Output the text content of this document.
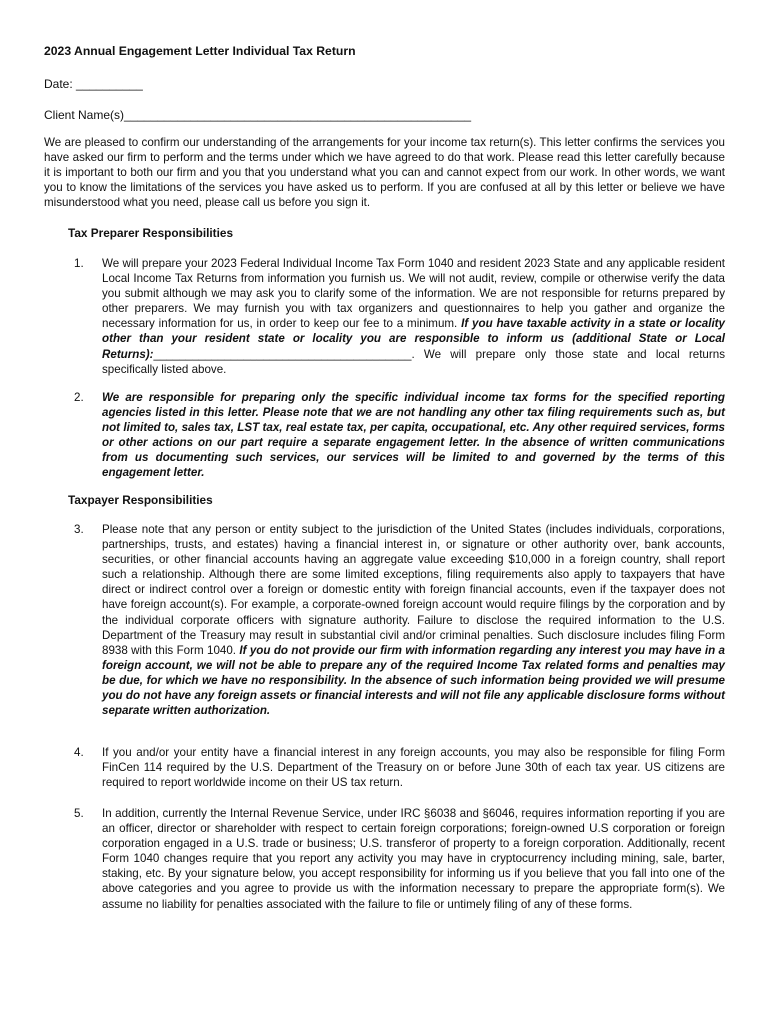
2023 Annual Engagement Letter Individual Tax Return
Date: __________
Client Name(s)____________________________________________________
We are pleased to confirm our understanding of the arrangements for your income tax return(s). This letter confirms the services you have asked our firm to perform and the terms under which we have agreed to do that work. Please read this letter carefully because it is important to both our firm and you that you understand what you can and cannot expect from our work. In other words, we want you to know the limitations of the services you have asked us to perform. If you are confused at all by this letter or believe we have misunderstood what you need, please call us before you sign it.
Tax Preparer Responsibilities
1.	We will prepare your 2023 Federal Individual Income Tax Form 1040 and resident 2023 State and any applicable resident Local Income Tax Returns from information you furnish us. We will not audit, review, compile or otherwise verify the data you submit although we may ask you to clarify some of the information. We are not responsible for returns prepared by other preparers. We may furnish you with tax organizers and questionnaires to help you gather and organize the necessary information for us, in order to keep our fee to a minimum. If you have taxable activity in a state or locality other than your resident state or locality you are responsible to inform us (additional State or Local Returns):________________________________________. We will prepare only those state and local returns specifically listed above.
2.	We are responsible for preparing only the specific individual income tax forms for the specified reporting agencies listed in this letter. Please note that we are not handling any other tax filing requirements such as, but not limited to, sales tax, LST tax, real estate tax, per capita, occupational, etc. Any other required services, forms or other actions on our part require a separate engagement letter. In the absence of written communications from us documenting such services, our services will be limited to and governed by the terms of this engagement letter.
Taxpayer Responsibilities
3.	Please note that any person or entity subject to the jurisdiction of the United States (includes individuals, corporations, partnerships, trusts, and estates) having a financial interest in, or signature or other authority over, bank accounts, securities, or other financial accounts having an aggregate value exceeding $10,000 in a foreign country, shall report such a relationship. Although there are some limited exceptions, filing requirements also apply to taxpayers that have direct or indirect control over a foreign or domestic entity with foreign financial accounts, even if the taxpayer does not have foreign account(s). For example, a corporate-owned foreign account would require filings by the corporation and by the individual corporate officers with signature authority. Failure to disclose the required information to the U.S. Department of the Treasury may result in substantial civil and/or criminal penalties. Such disclosure includes filing Form 8938 with this Form 1040. If you do not provide our firm with information regarding any interest you may have in a foreign account, we will not be able to prepare any of the required Income Tax related forms and penalties may be due, for which we have no responsibility. In the absence of such information being provided we will presume you do not have any foreign assets or financial interests and will not file any applicable disclosure forms without separate written authorization.
4.	If you and/or your entity have a financial interest in any foreign accounts, you may also be responsible for filing Form FinCen 114 required by the U.S. Department of the Treasury on or before June 30th of each tax year. US citizens are required to report worldwide income on their US tax return.
5.	In addition, currently the Internal Revenue Service, under IRC §6038 and §6046, requires information reporting if you are an officer, director or shareholder with respect to certain foreign corporations; foreign-owned U.S corporation or foreign corporation engaged in a U.S. trade or business; U.S. transferor of property to a foreign corporation. Additionally, recent Form 1040 changes require that you report any activity you may have in cryptocurrency including mining, sale, barter, staking, etc. By your signature below, you accept responsibility for informing us if you believe that you fall into one of the above categories and you agree to provide us with the information necessary to prepare the appropriate form(s). We assume no liability for penalties associated with the failure to file or untimely filing of any of these forms.
